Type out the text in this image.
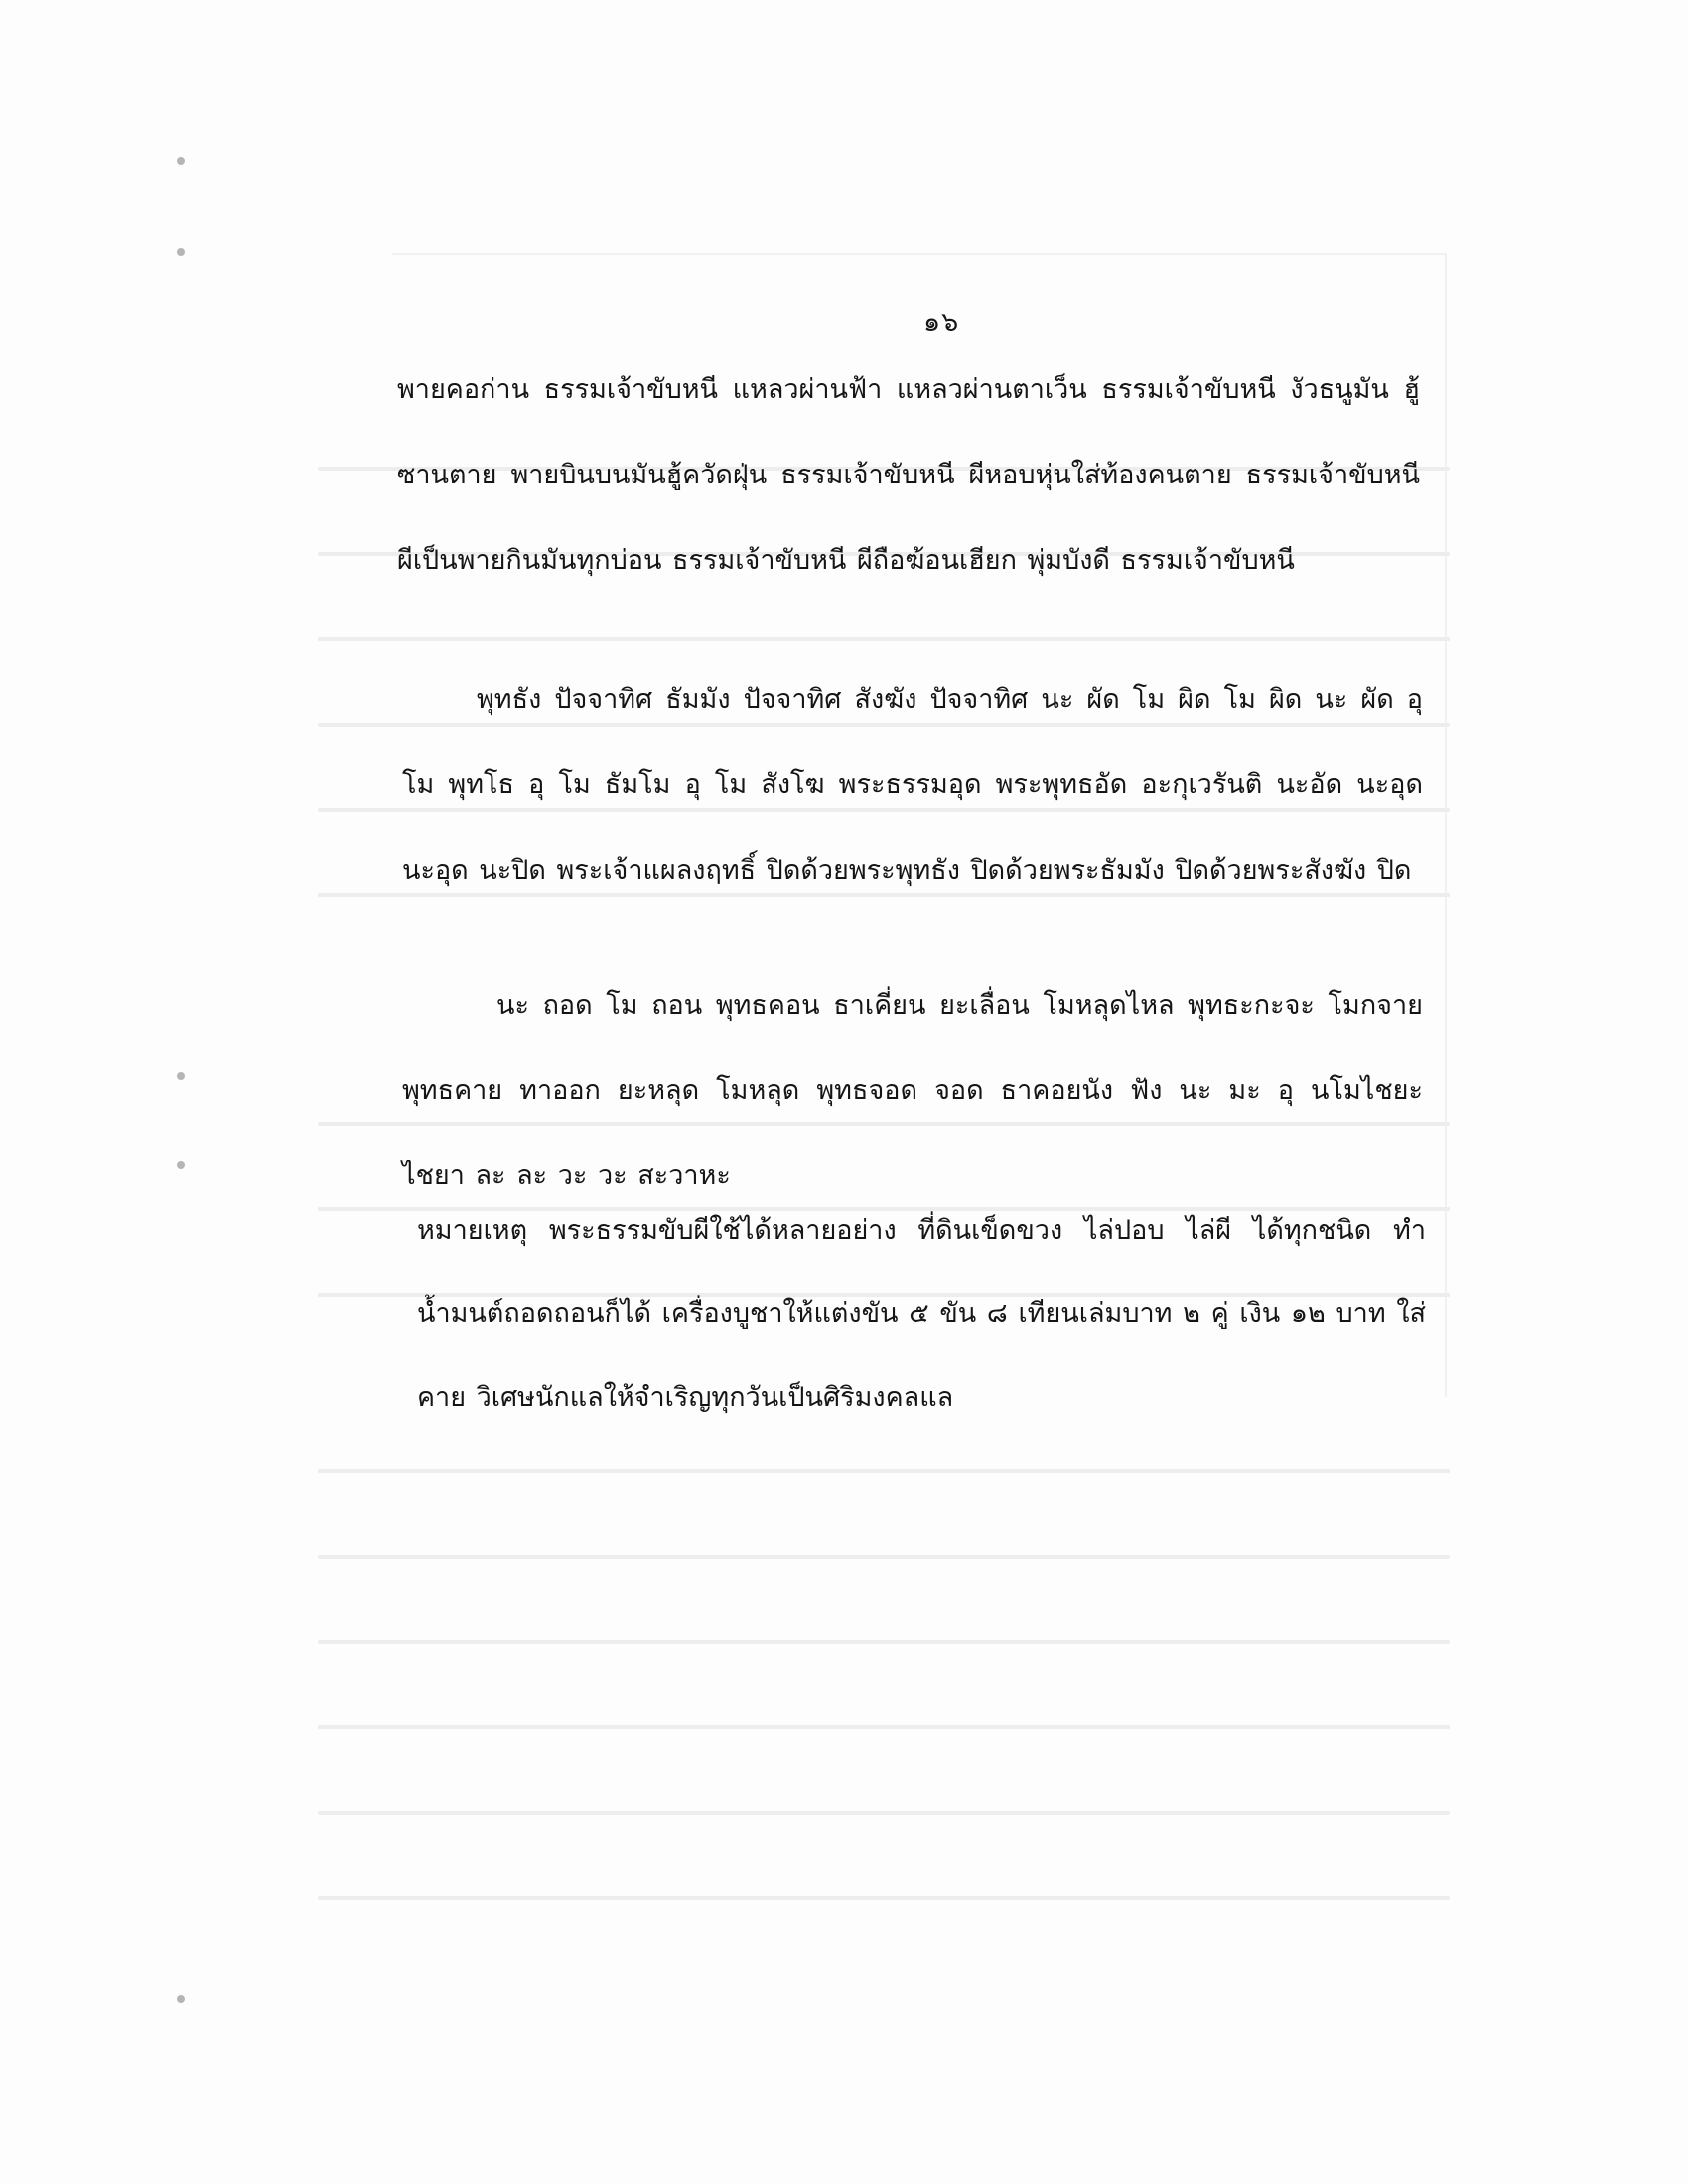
๑๖

พายคอก่าน ธรรมเจ้าขับหนี แหลวผ่านฟ้า แหลวผ่านตาเว็น ธรรมเจ้าขับหนี งัวธนูมัน ฮู้ซานตาย พายบินบนมันฮู้ควัดฝุ่น ธรรมเจ้าขับหนี ผีหอบหุ่นใส่ท้องคนตาย ธรรมเจ้าขับหนี ผีเป็นพายกินมันทุกบ่อน ธรรมเจ้าขับหนี ผีถือฆ้อนเฮียก พุ่มบังดี ธรรมเจ้าขับหนี

พุทธัง ปัจจาทิศ ธัมมัง ปัจจาทิศ สังฆัง ปัจจาทิศ นะ ผัด โม ผิด โม ผิด นะ ผัด อุ โม พุทโธ อุ โม ธัมโม อุ โม สังโฆ พระธรรมอุด พระพุทธอัด อะกุเวรันติ นะอัด นะอุด นะอุด นะปิด พระเจ้าแผลงฤทธิ์ ปิดด้วยพระพุทธัง ปิดด้วยพระธัมมัง ปิดด้วยพระสังฆัง ปิด

นะ ถอด โม ถอน พุทธคอน ธาเคี่ยน ยะเลื่อน โมหลุดไหล พุทธะกะจะ โมกจาย พุทธคาย ทาออก ยะหลุด โมหลุด พุทธจอด จอด ธาคอยนัง ฟัง นะ มะ อุ นโมไชยะ ไชยา ละ ละ วะ วะ สะวาหะ

หมายเหตุ พระธรรมขับผีใช้ได้หลายอย่าง ที่ดินเข็ดขวง ไล่ปอบ ไล่ผี ได้ทุกชนิด ทำน้ำมนต์ถอดถอนก็ได้ เครื่องบูชาให้แต่งขัน ๕ ขัน ๘ เทียนเล่มบาท ๒ คู่ เงิน ๑๒ บาท ใส่คาย วิเศษนักแลให้จำเริญทุกวันเป็นศิริมงคลแล
